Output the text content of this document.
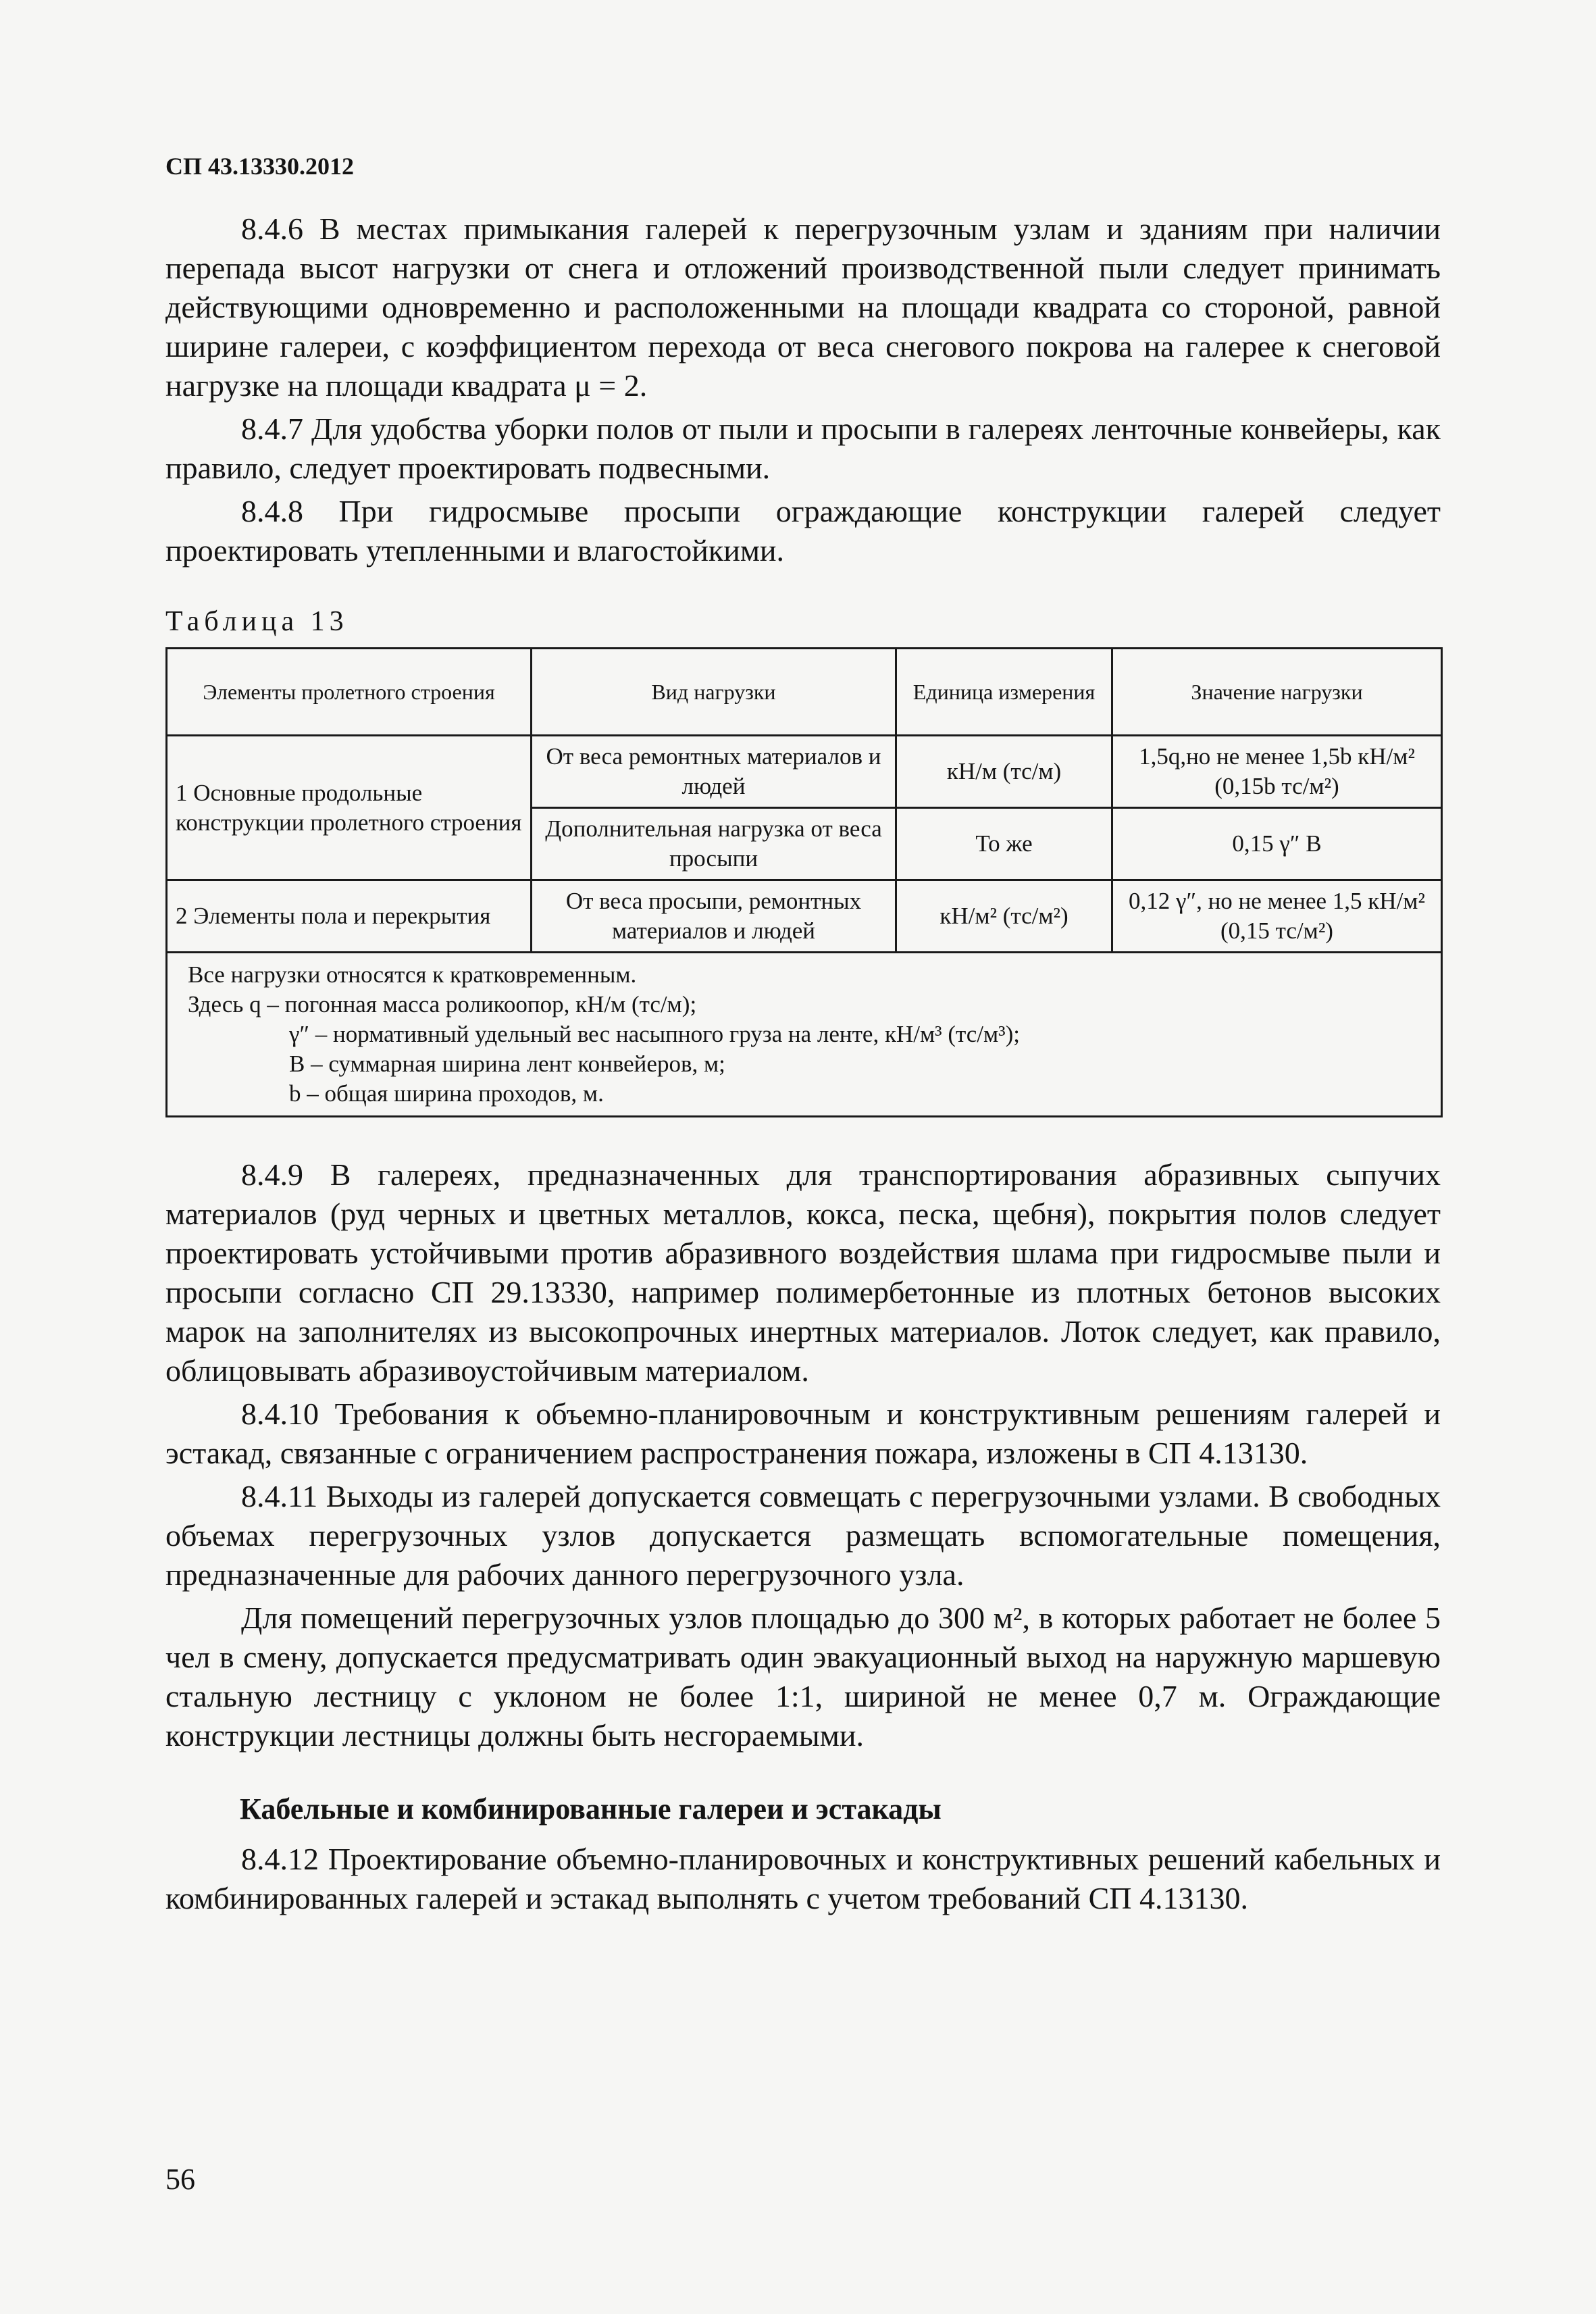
СП 43.13330.2012

8.4.6 В местах примыкания галерей к перегрузочным узлам и зданиям при наличии перепада высот нагрузки от снега и отложений производственной пыли следует принимать действующими одновременно и расположенными на площади квадрата со стороной, равной ширине галереи, с коэффициентом перехода от веса снегового покрова на галерее к снеговой нагрузке на площади квадрата μ = 2.

8.4.7 Для удобства уборки полов от пыли и просыпи в галереях ленточные конвейеры, как правило, следует проектировать подвесными.

8.4.8 При гидросмыве просыпи ограждающие конструкции галерей следует проектировать утепленными и влагостойкими.

Таблица 13
Элементы пролетного строения	Вид нагрузки	Единица измерения	Значение нагрузки
1 Основные продольные конструкции пролетного строения	От веса ремонтных материалов и людей	кН/м (тс/м)	1,5q,но не менее 1,5b кН/м² (0,15b тс/м²)
	Дополнительная нагрузка от веса просыпи	То же	0,15 γ″ B
2 Элементы пола и перекрытия	От веса просыпи, ремонтных материалов и людей	кН/м² (тс/м²)	0,12 γ″, но не менее 1,5 кН/м² (0,15 тс/м²)

Все нагрузки относятся к кратковременным.
Здесь q – погонная масса роликоопор, кН/м (тс/м);
γ″ – нормативный удельный вес насыпного груза на ленте, кН/м³ (тс/м³);
B – суммарная ширина лент конвейеров, м;
b – общая ширина проходов, м.			

8.4.9 В галереях, предназначенных для транспортирования абразивных сыпучих материалов (руд черных и цветных металлов, кокса, песка, щебня), покрытия полов следует проектировать устойчивыми против абразивного воздействия шлама при гидросмыве пыли и просыпи согласно СП 29.13330, например полимербетонные из плотных бетонов высоких марок на заполнителях из высокопрочных инертных материалов. Лоток следует, как правило, облицовывать абразивоустойчивым материалом.

8.4.10 Требования к объемно-планировочным и конструктивным решениям галерей и эстакад, связанные с ограничением распространения пожара, изложены в СП 4.13130.

8.4.11 Выходы из галерей допускается совмещать с перегрузочными узлами. В свободных объемах перегрузочных узлов допускается размещать вспомогательные помещения, предназначенные для рабочих данного перегрузочного узла.

Для помещений перегрузочных узлов площадью до 300 м², в которых работает не более 5 чел в смену, допускается предусматривать один эвакуационный выход на наружную маршевую стальную лестницу с уклоном не более 1:1, шириной не менее 0,7 м. Ограждающие конструкции лестницы должны быть несгораемыми.

Кабельные и комбинированные галереи и эстакады

8.4.12 Проектирование объемно-планировочных и конструктивных решений кабельных и комбинированных галерей и эстакад выполнять с учетом требований СП 4.13130.

56
